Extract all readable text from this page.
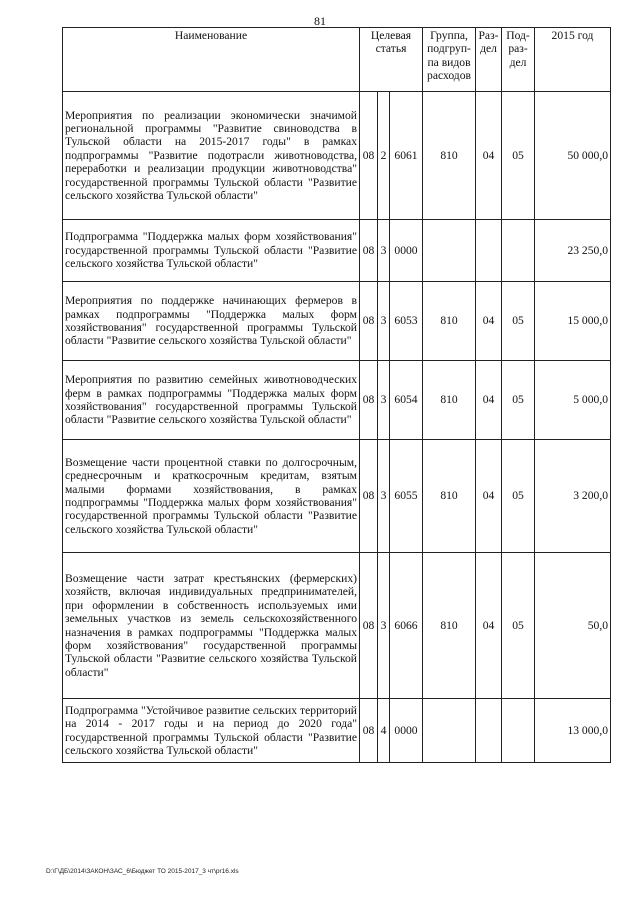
81
Наименование	Целевая статья			Группа, подгруп-па видов расходов	Раз-дел	Под-раз-дел	2015 год
Мероприятия по реализации экономически значимой региональной программы "Развитие свиноводства в Тульской области на 2015-2017 годы" в рамках подпрограммы "Развитие подотрасли животноводства, переработки и реализации продукции животноводства" государственной программы Тульской области "Развитие сельского хозяйства Тульской области"	08	2	6061	810	04	05	50 000,0
Подпрограмма "Поддержка малых форм хозяйствования" государственной программы Тульской области "Развитие сельского хозяйства Тульской области"	08	3	0000				23 250,0
Мероприятия по поддержке начинающих фермеров в рамках подпрограммы "Поддержка малых форм хозяйствования" государственной программы Тульской области "Развитие сельского хозяйства Тульской области"	08	3	6053	810	04	05	15 000,0
Мероприятия по развитию семейных животноводческих ферм в рамках подпрограммы "Поддержка малых форм хозяйствования" государственной программы Тульской области "Развитие сельского хозяйства Тульской области"	08	3	6054	810	04	05	5 000,0
Возмещение части процентной ставки по долгосрочным, среднесрочным и краткосрочным кредитам, взятым малыми формами хозяйствования, в рамках подпрограммы "Поддержка малых форм хозяйствования" государственной программы Тульской области "Развитие сельского хозяйства Тульской области"	08	3	6055	810	04	05	3 200,0
Возмещение части затрат крестьянских (фермерских) хозяйств, включая индивидуальных предпринимателей, при оформлении в собственность используемых ими земельных участков из земель сельскохозяйственного назначения в рамках подпрограммы "Поддержка малых форм хозяйствования" государственной программы Тульской области "Развитие сельского хозяйства Тульской области"	08	3	6066	810	04	05	50,0
Подпрограмма "Устойчивое развитие сельских территорий на 2014 - 2017 годы и на период до 2020 года" государственной программы Тульской области "Развитие сельского хозяйства Тульской области"	08	4	0000				13 000,0
D:\Г\ДБ\2014\ЗАКОН\ЗАС_6\Бюджет ТО 2015-2017_3 чт\pr16.xls
